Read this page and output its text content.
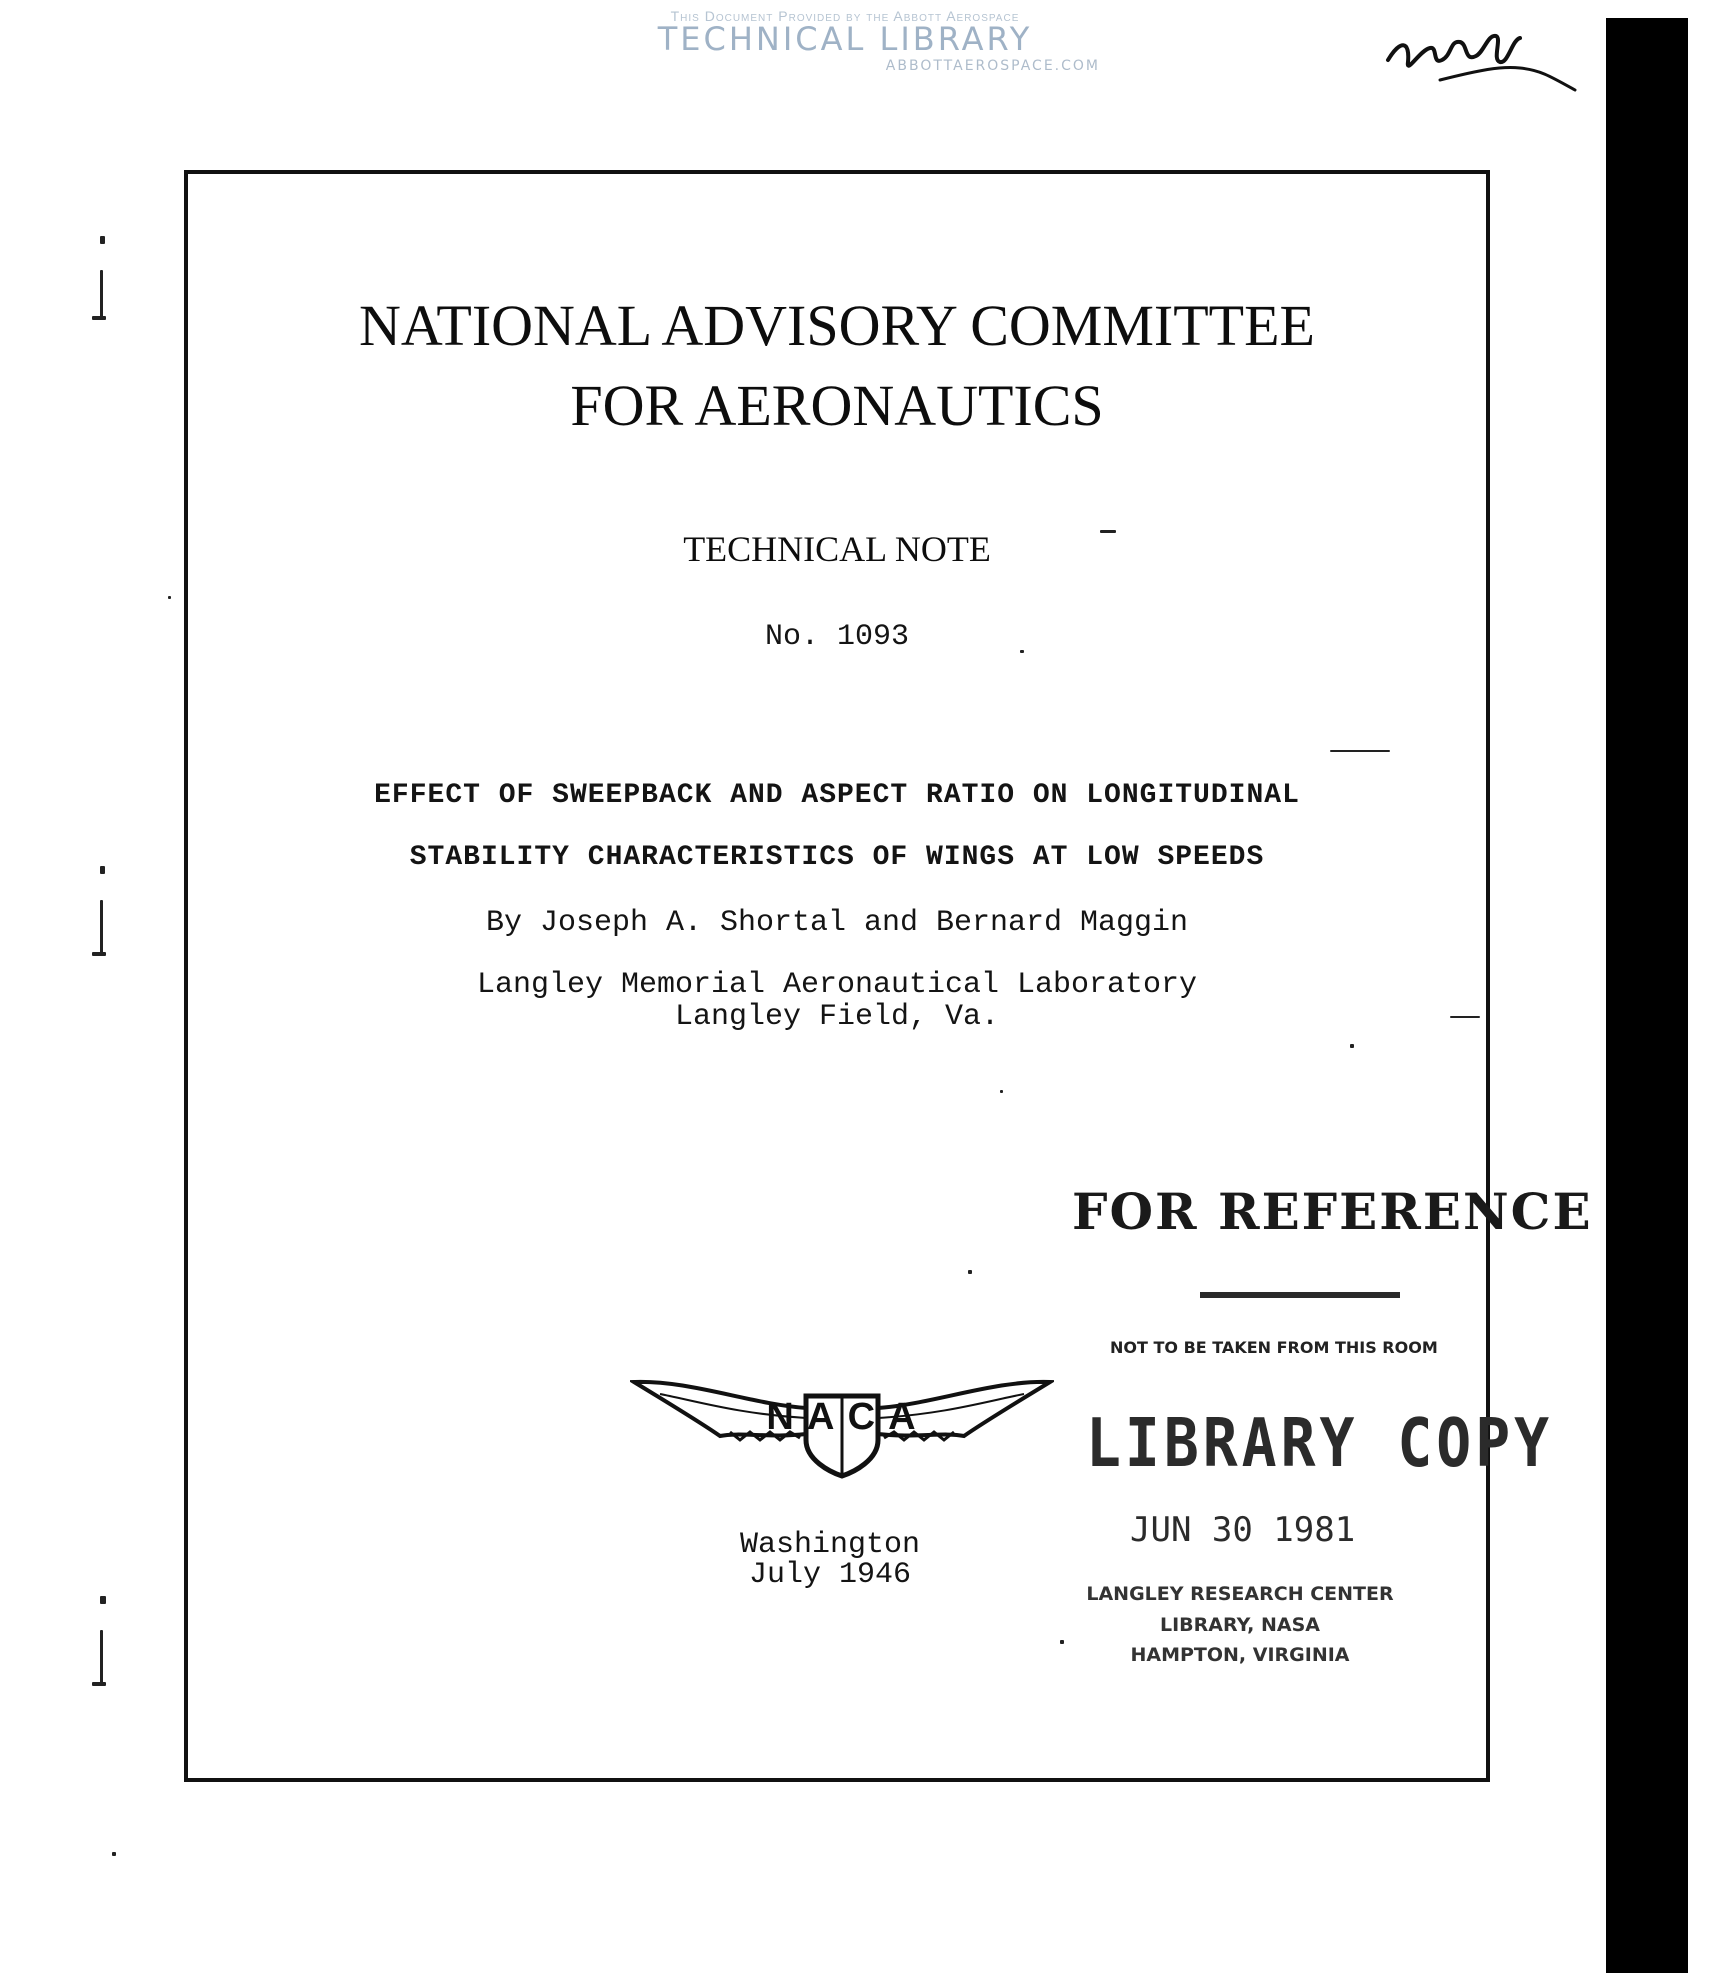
This Document Provided by the Abbott Aerospace
TECHNICAL LIBRARY
ABBOTTAEROSPACE.COM
NATIONAL ADVISORY COMMITTEE
FOR AERONAUTICS
TECHNICAL NOTE
No. 1093
EFFECT OF SWEEPBACK AND ASPECT RATIO ON LONGITUDINAL
STABILITY CHARACTERISTICS OF WINGS AT LOW SPEEDS
By Joseph A. Shortal and Bernard Maggin
Langley Memorial Aeronautical Laboratory
Langley Field, Va.
N A C A
Washington
July 1946
FOR REFERENCE
NOT TO BE TAKEN FROM THIS ROOM
LIBRARY COPY
JUN 30 1981
LANGLEY RESEARCH CENTER
LIBRARY, NASA
HAMPTON, VIRGINIA
